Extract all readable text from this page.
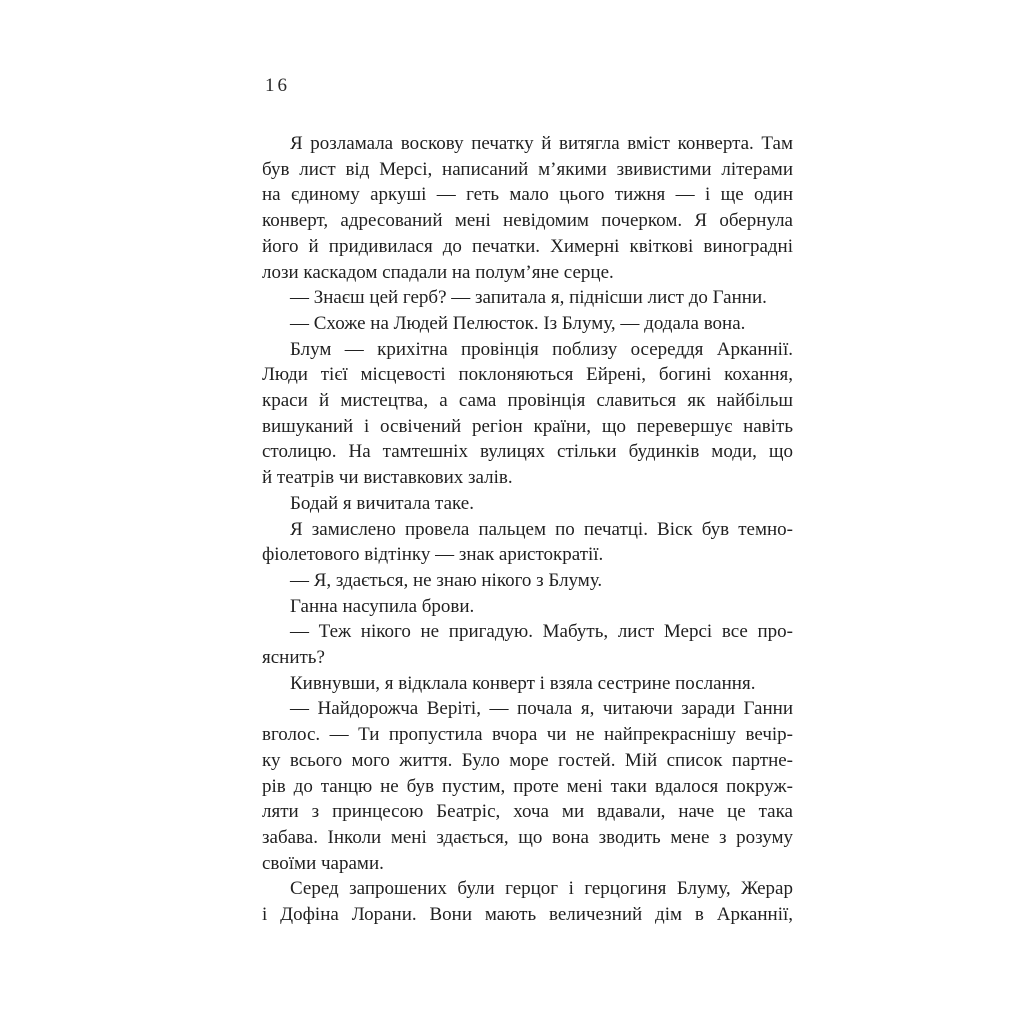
16
Я розламала воскову печатку й витягла вміст конверта. Там
був лист від Мерсі, написаний м’якими звивистими літерами
на єдиному аркуші — геть мало цього тижня — і ще один
конверт, адресований мені невідомим почерком. Я обернула
його й придивилася до печатки. Химерні квіткові виноградні
лози каскадом спадали на полум’яне серце.
— Знаєш цей герб? — запитала я, піднісши лист до Ганни.
— Схоже на Людей Пелюсток. Із Блуму, — додала вона.
Блум — крихітна провінція поблизу осереддя Арканнії.
Люди тієї місцевості поклоняються Ейрені, богині кохання,
краси й мистецтва, а сама провінція славиться як найбільш
вишуканий і освічений регіон країни, що перевершує навіть
столицю. На тамтешніх вулицях стільки будинків моди, що
й театрів чи виставкових залів.
Бодай я вичитала таке.
Я замислено провела пальцем по печатці. Віск був темно-
фіолетового відтінку — знак аристократії.
— Я, здається, не знаю нікого з Блуму.
Ганна насупила брови.
— Теж нікого не пригадую. Мабуть, лист Мерсі все про-
яснить?
Кивнувши, я відклала конверт і взяла сестрине послання.
— Найдорожча Веріті, — почала я, читаючи заради Ганни
вголос. — Ти пропустила вчора чи не найпрекраснішу вечір-
ку всього мого життя. Було море гостей. Мій список партне-
рів до танцю не був пустим, проте мені таки вдалося покруж-
ляти з принцесою Беатріс, хоча ми вдавали, наче це така
забава. Інколи мені здається, що вона зводить мене з розуму
своїми чарами.
Серед запрошених були герцог і герцогиня Блуму, Жерар
і Дофіна Лорани. Вони мають величезний дім в Арканнії,
